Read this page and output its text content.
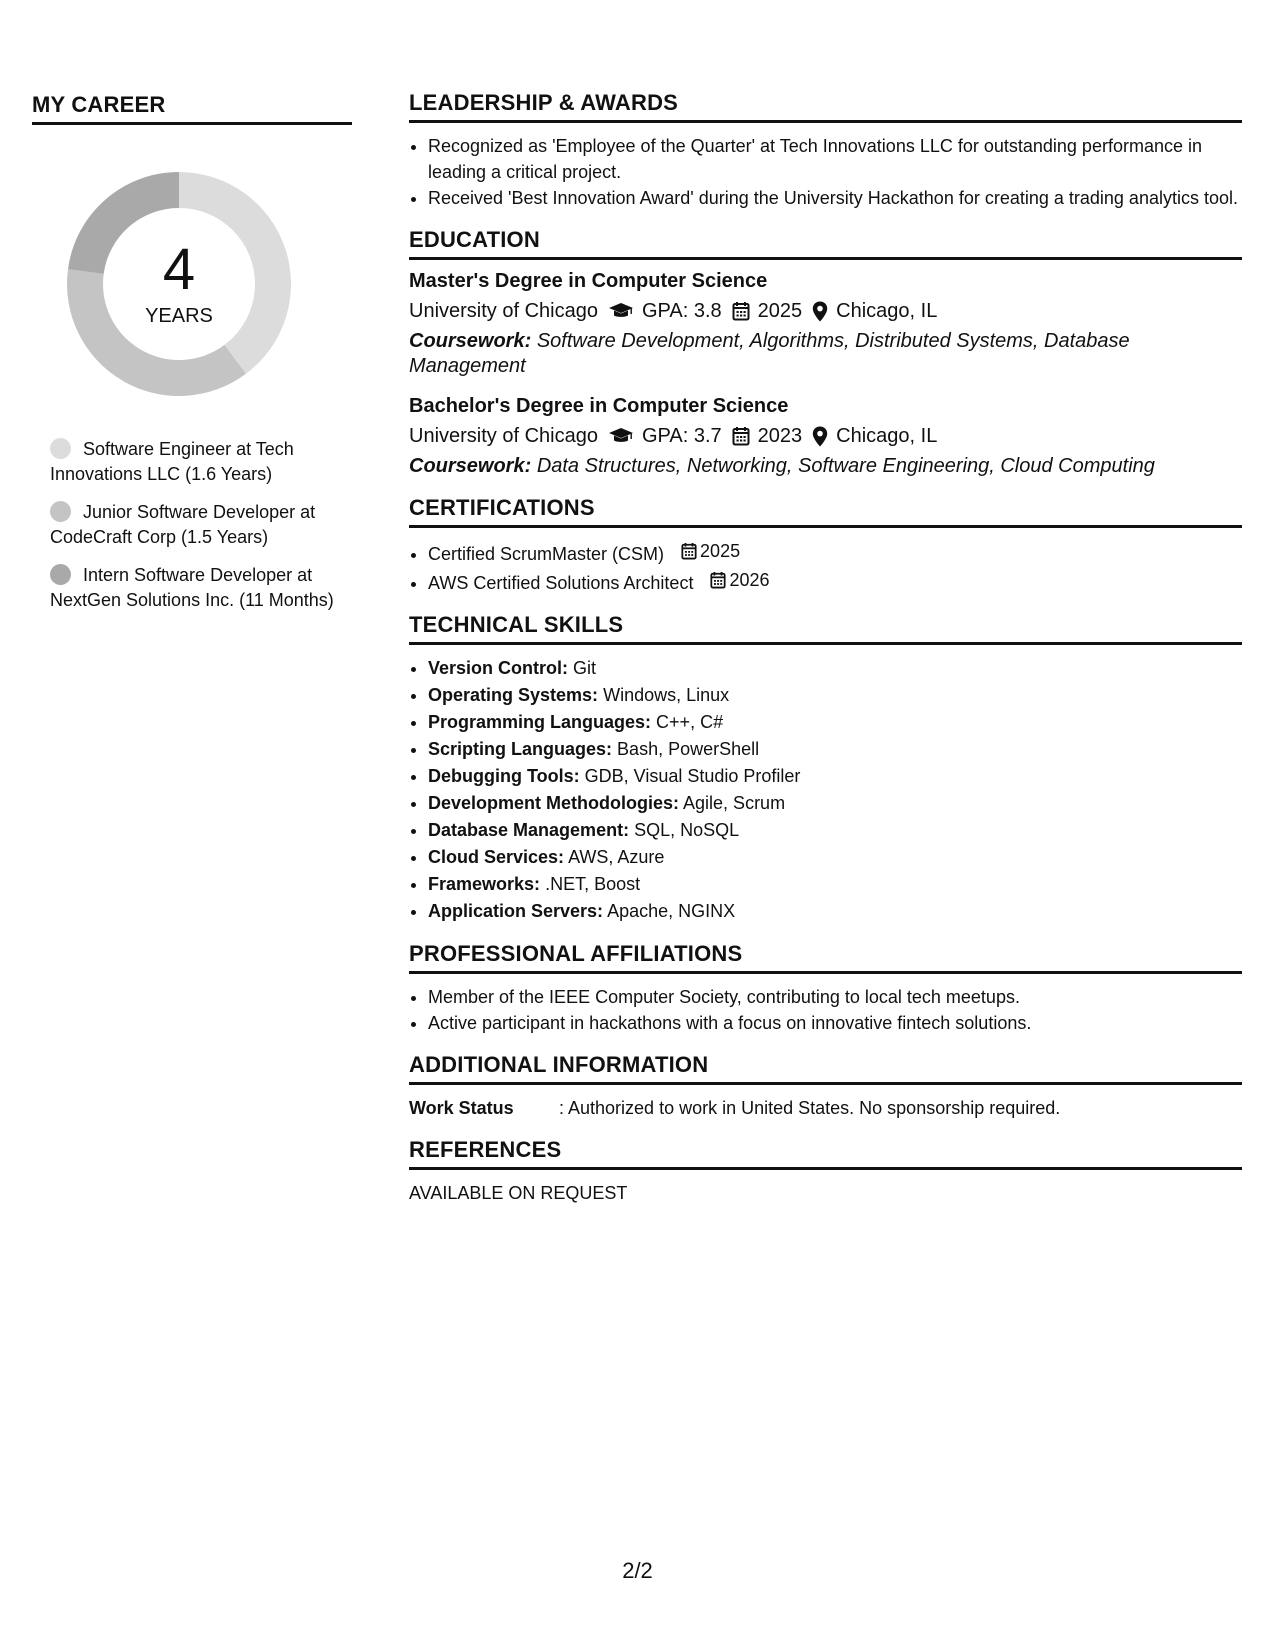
MY CAREER
4
YEARS
Software Engineer at Tech Innovations LLC (1.6 Years)
Junior Software Developer at CodeCraft Corp (1.5 Years)
Intern Software Developer at NextGen Solutions Inc. (11 Months)
LEADERSHIP & AWARDS
• Recognized as 'Employee of the Quarter' at Tech Innovations LLC for outstanding performance in leading a critical project.
• Received 'Best Innovation Award' during the University Hackathon for creating a trading analytics tool.
EDUCATION
Master's Degree in Computer Science
University of Chicago GPA: 3.8 2025 Chicago, IL
Coursework: Software Development, Algorithms, Distributed Systems, Database Management
Bachelor's Degree in Computer Science
University of Chicago GPA: 3.7 2023 Chicago, IL
Coursework: Data Structures, Networking, Software Engineering, Cloud Computing
CERTIFICATIONS
• Certified ScrumMaster (CSM) 2025
• AWS Certified Solutions Architect 2026
TECHNICAL SKILLS
• Version Control: Git
• Operating Systems: Windows, Linux
• Programming Languages: C++, C#
• Scripting Languages: Bash, PowerShell
• Debugging Tools: GDB, Visual Studio Profiler
• Development Methodologies: Agile, Scrum
• Database Management: SQL, NoSQL
• Cloud Services: AWS, Azure
• Frameworks: .NET, Boost
• Application Servers: Apache, NGINX
PROFESSIONAL AFFILIATIONS
• Member of the IEEE Computer Society, contributing to local tech meetups.
• Active participant in hackathons with a focus on innovative fintech solutions.
ADDITIONAL INFORMATION
Work Status	: Authorized to work in United States. No sponsorship required.
REFERENCES
AVAILABLE ON REQUEST
2/2
